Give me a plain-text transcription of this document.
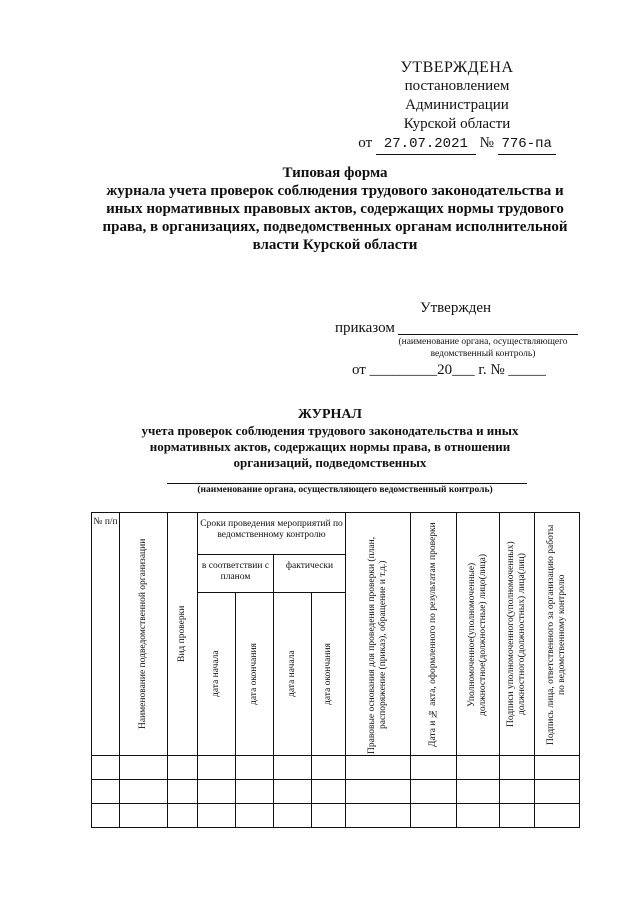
УТВЕРЖДЕНА
постановлением Администрации
Курской области
от 27.07.2021 № 776-па
Типовая форма
журнала учета проверок соблюдения трудового законодательства и
иных нормативных правовых актов, содержащих нормы трудового
права, в организациях, подведомственных органам исполнительной
власти Курской области
Утвержден
приказом
(наименование органа, осуществляющего
ведомственный контроль)
от _________20___ г. № _____
ЖУРНАЛ
учета проверок соблюдения трудового законодательства и иных
нормативных актов, содержащих нормы права, в отношении
организаций, подведомственных
(наименование органа, осуществляющего ведомственный контроль)
№ п/п	Наименование подведомственной организации	Вид проверки	Сроки проведения мероприятий по ведомственному контролю				Правовые основания для проведения проверки (план, распоряжение (приказ), обращение и т.д.)	Дата и № акта, оформленного по результатам проверки	Уполномоченное(уполномоченные) должностное(должностные) лицо(лица)	Подписи уполномоченного(уполномоченных) должностного(должностных) лица(лиц)	Подпись лица, ответственного за организацию работы по ведомственному контролю

			в соответствии с планом		фактически						

			дата начала	дата окончания	дата начала	дата окончания					
